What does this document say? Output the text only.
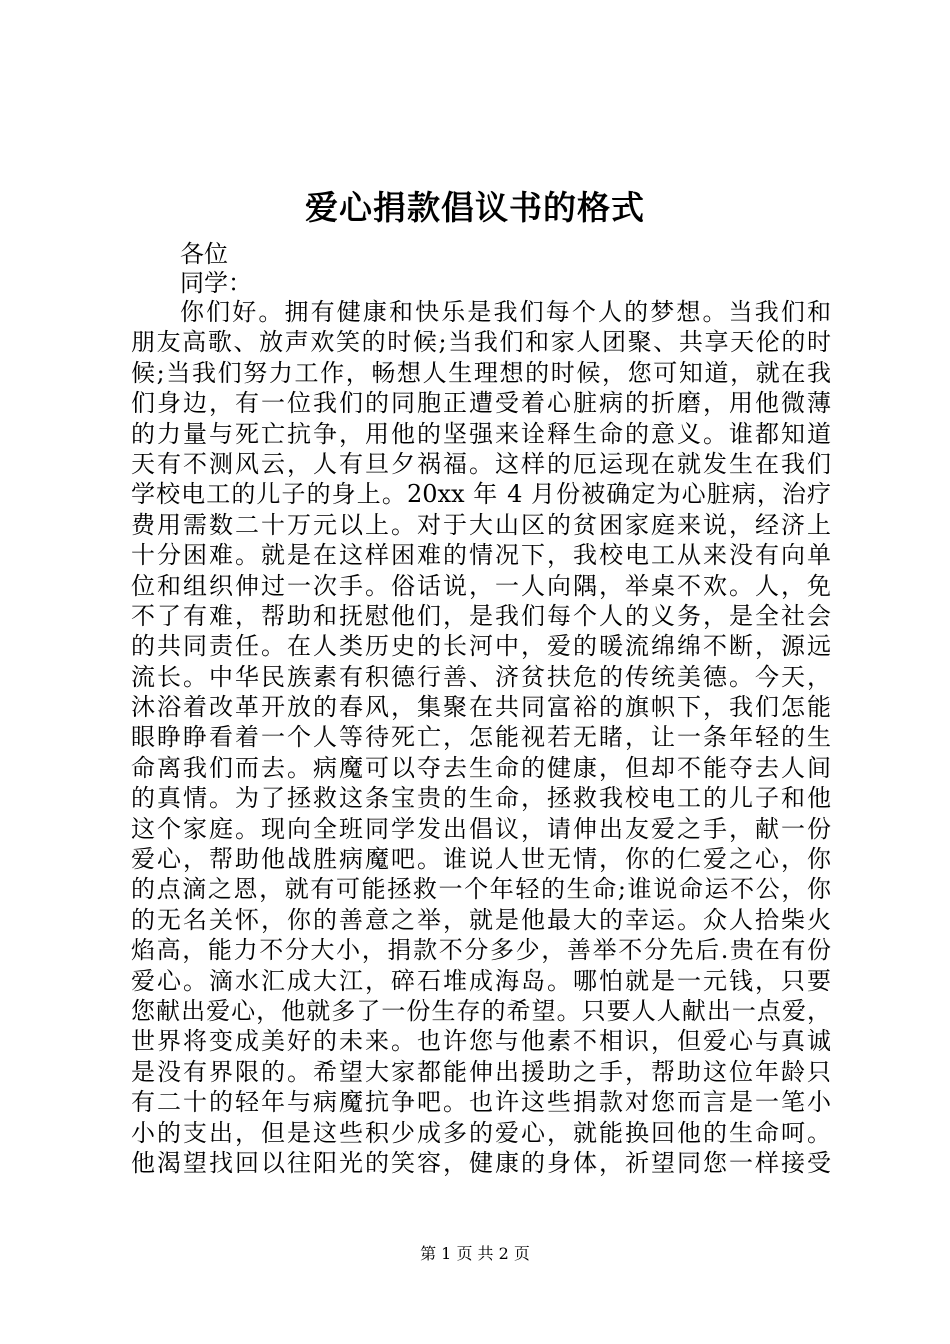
爱心捐款倡议书的格式
各位
同学：
你们好。拥有健康和快乐是我们每个人的梦想。当我们和
朋友高歌、放声欢笑的时候;当我们和家人团聚、共享天伦的时
候;当我们努力工作，畅想人生理想的时候，您可知道，就在我
们身边，有一位我们的同胞正遭受着心脏病的折磨，用他微薄
的力量与死亡抗争，用他的坚强来诠释生命的意义。谁都知道
天有不测风云，人有旦夕祸福。这样的厄运现在就发生在我们
学校电工的儿子的身上。20xx 年 4 月份被确定为心脏病，治疗
费用需数二十万元以上。对于大山区的贫困家庭来说，经济上
十分困难。就是在这样困难的情况下，我校电工从来没有向单
位和组织伸过一次手。俗话说，一人向隅，举桌不欢。人，免
不了有难，帮助和抚慰他们，是我们每个人的义务，是全社会
的共同责任。在人类历史的长河中，爱的暖流绵绵不断，源远
流长。中华民族素有积德行善、济贫扶危的传统美德。今天，
沐浴着改革开放的春风，集聚在共同富裕的旗帜下，我们怎能
眼睁睁看着一个人等待死亡，怎能视若无睹，让一条年轻的生
命离我们而去。病魔可以夺去生命的健康，但却不能夺去人间
的真情。为了拯救这条宝贵的生命，拯救我校电工的儿子和他
这个家庭。现向全班同学发出倡议，请伸出友爱之手，献一份
爱心，帮助他战胜病魔吧。谁说人世无情，你的仁爱之心，你
的点滴之恩，就有可能拯救一个年轻的生命;谁说命运不公，你
的无名关怀，你的善意之举，就是他最大的幸运。众人拾柴火
焰高，能力不分大小，捐款不分多少，善举不分先后.贵在有份
爱心。滴水汇成大江，碎石堆成海岛。哪怕就是一元钱，只要
您献出爱心，他就多了一份生存的希望。只要人人献出一点爱，
世界将变成美好的未来。也许您与他素不相识，但爱心与真诚
是没有界限的。希望大家都能伸出援助之手，帮助这位年龄只
有二十的轻年与病魔抗争吧。也许这些捐款对您而言是一笔小
小的支出，但是这些积少成多的爱心，就能换回他的生命呵。
他渴望找回以往阳光的笑容，健康的身体，祈望同您一样接受
第 1 页 共 2 页
